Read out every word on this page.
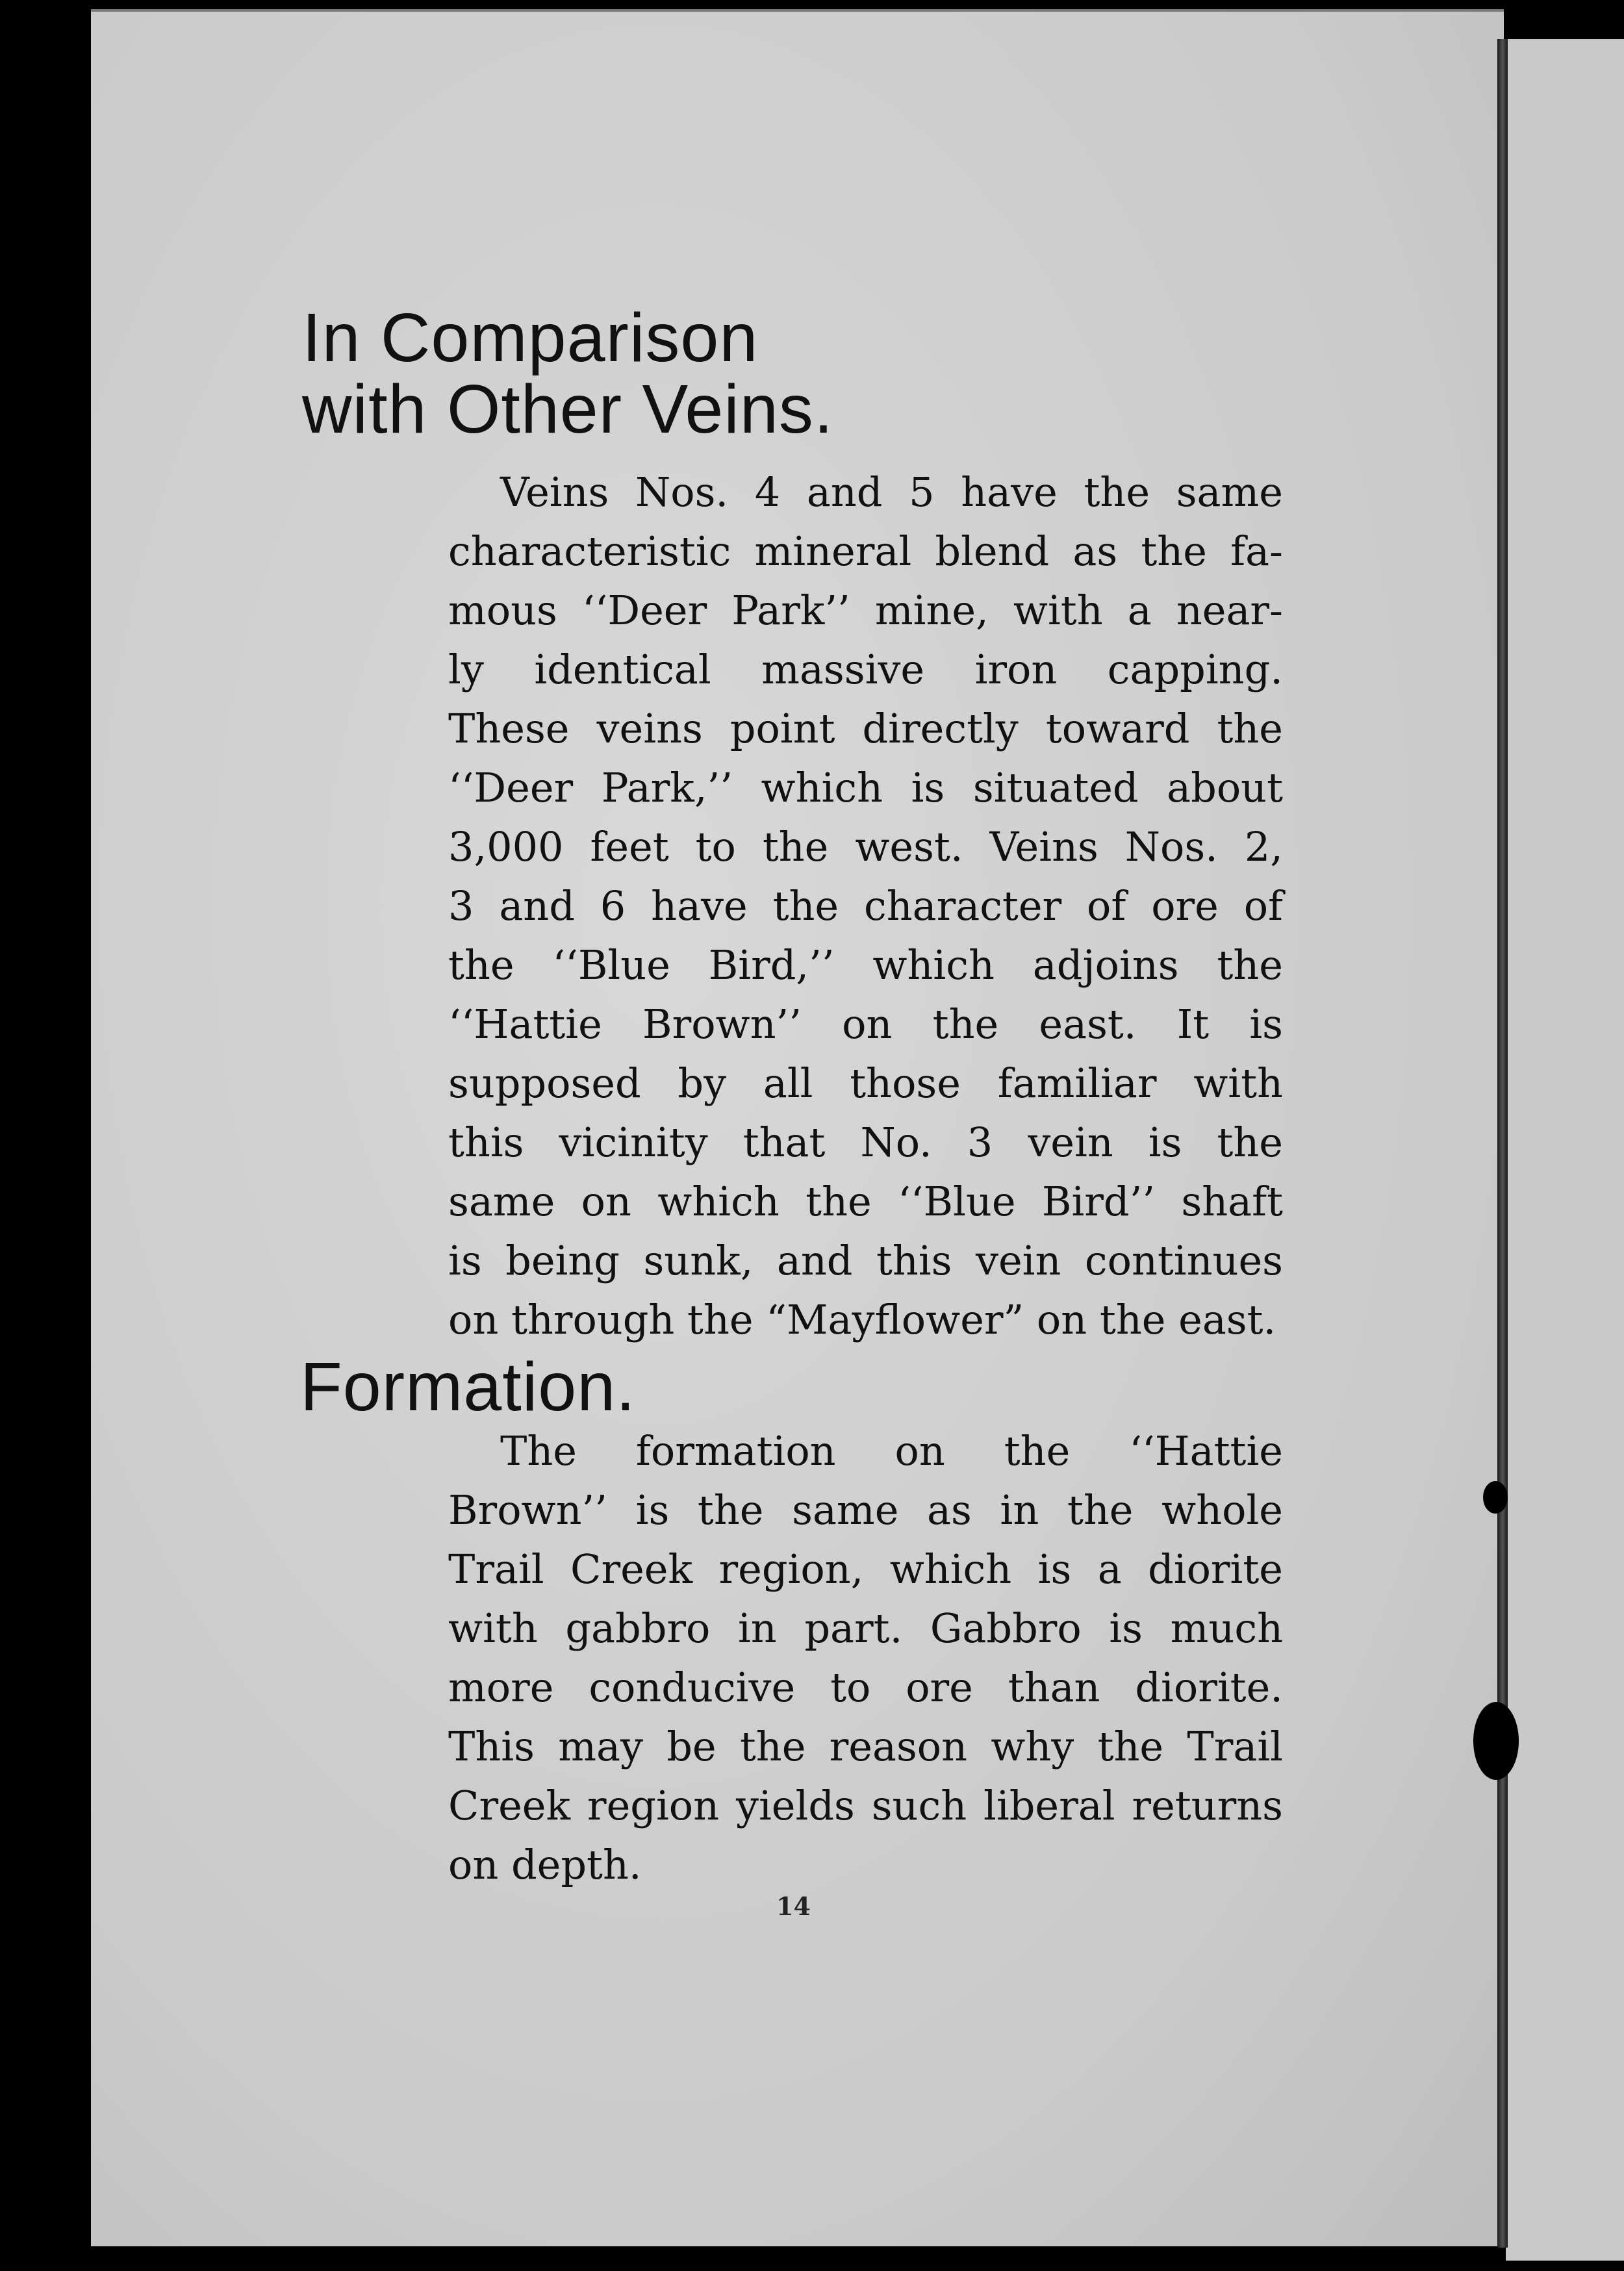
In Comparison
with Other Veins.
Veins Nos. 4 and 5 have the same
characteristic mineral blend as the fa-
mous ‘‘Deer Park’’ mine, with a near-
ly identical massive iron capping.
These veins point directly toward the
‘‘Deer Park,’’ which is situated about
3,000 feet to the west. Veins Nos. 2,
3 and 6 have the character of ore of
the ‘‘Blue Bird,’’ which adjoins the
‘‘Hattie Brown’’ on the east. It is
supposed by all those familiar with
this vicinity that No. 3 vein is the
same on which the ‘‘Blue Bird’’ shaft
is being sunk, and this vein continues
on through the “Mayflower” on the east.
Formation.
The formation on the ‘‘Hattie
Brown’’ is the same as in the whole
Trail Creek region, which is a diorite
with gabbro in part. Gabbro is much
more conducive to ore than diorite.
This may be the reason why the Trail
Creek region yields such liberal returns
on depth.
14
